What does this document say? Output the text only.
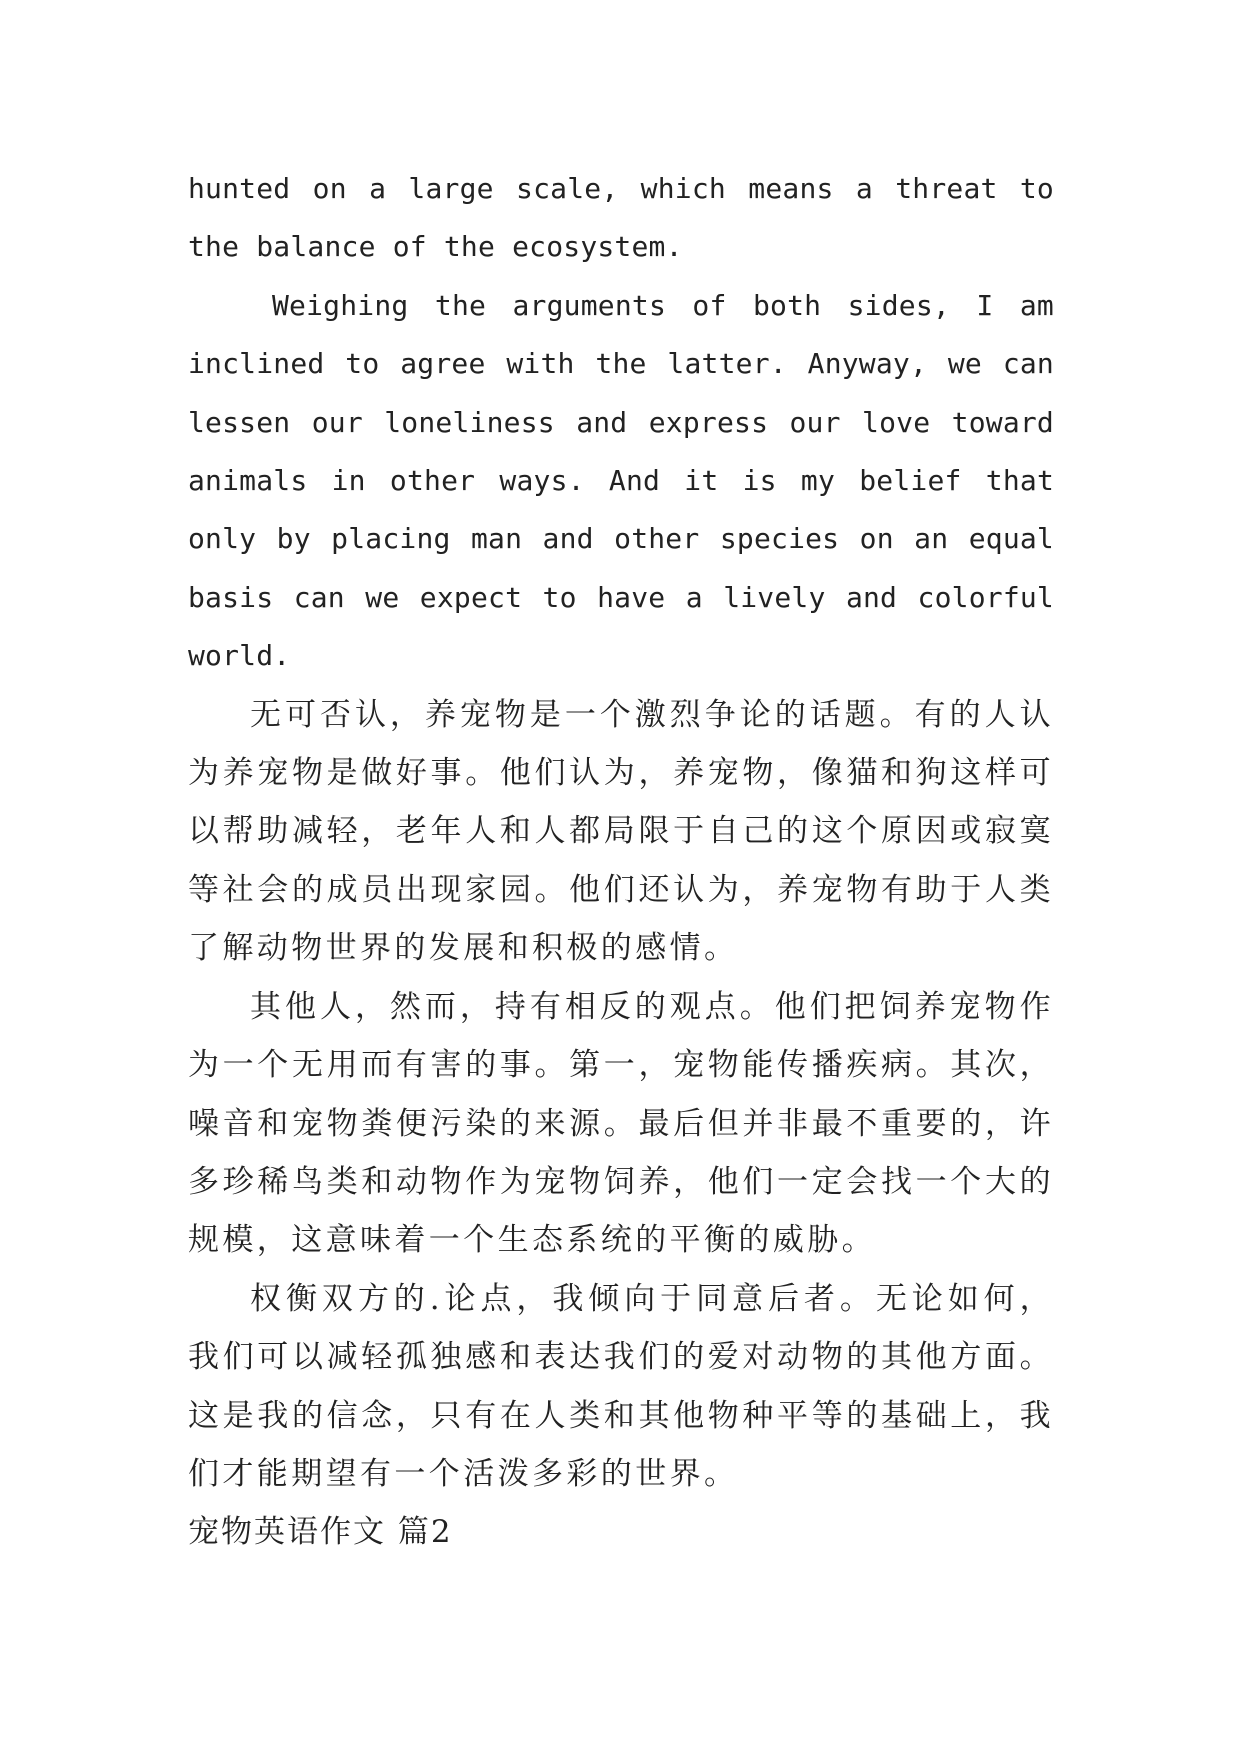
hunted on a large scale, which means a threat to the balance of the ecosystem.

Weighing the arguments of both sides, I am inclined to agree with the latter. Anyway, we can lessen our loneliness and express our love toward animals in other ways. And it is my belief that only by placing man and other species on an equal basis can we expect to have a lively and colorful world.

无可否认，养宠物是一个激烈争论的话题。有的人认为养宠物是做好事。他们认为，养宠物，像猫和狗这样可以帮助减轻，老年人和人都局限于自己的这个原因或寂寞等社会的成员出现家园。他们还认为，养宠物有助于人类了解动物世界的发展和积极的感情。

其他人，然而，持有相反的观点。他们把饲养宠物作为一个无用而有害的事。第一，宠物能传播疾病。其次，噪音和宠物粪便污染的来源。最后但并非最不重要的，许多珍稀鸟类和动物作为宠物饲养，他们一定会找一个大的规模，这意味着一个生态系统的平衡的威胁。

权衡双方的.论点，我倾向于同意后者。无论如何，我们可以减轻孤独感和表达我们的爱对动物的其他方面。这是我的信念，只有在人类和其他物种平等的基础上，我们才能期望有一个活泼多彩的世界。

宠物英语作文 篇2
